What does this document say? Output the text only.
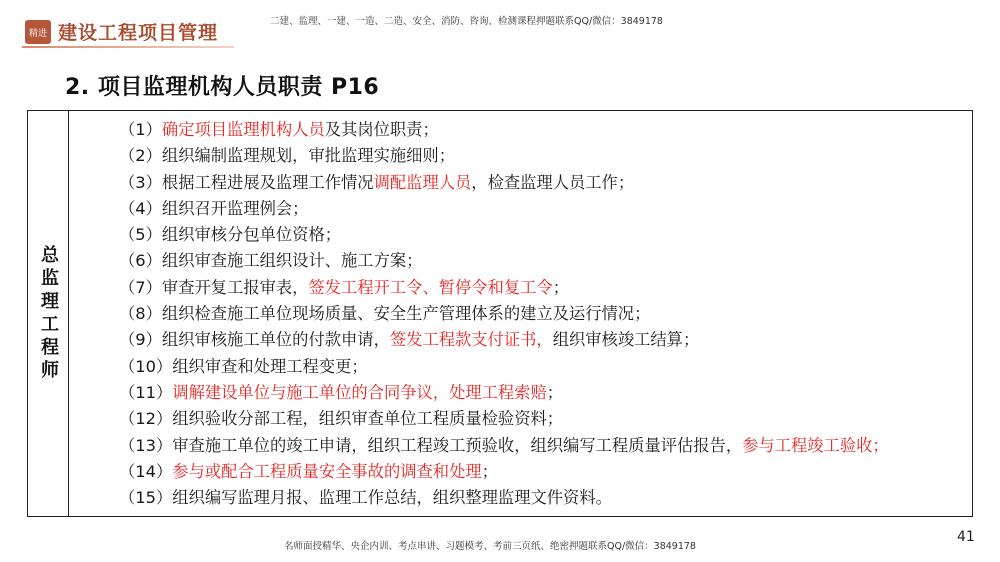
精进 建设工程项目管理
二建、监理、一建、一造、二造、安全、消防、咨询、检测课程押题联系QQ/微信：3849178
2. 项目监理机构人员职责 P16
总监理工程师
（1）确定项目监理机构人员及其岗位职责；
（2）组织编制监理规划，审批监理实施细则；
（3）根据工程进展及监理工作情况调配监理人员，检查监理人员工作；
（4）组织召开监理例会；
（5）组织审核分包单位资格；
（6）组织审查施工组织设计、施工方案；
（7）审查开复工报审表，签发工程开工令、暂停令和复工令；
（8）组织检查施工单位现场质量、安全生产管理体系的建立及运行情况；
（9）组织审核施工单位的付款申请，签发工程款支付证书，组织审核竣工结算；
（10）组织审查和处理工程变更；
（11）调解建设单位与施工单位的合同争议，处理工程索赔；
（12）组织验收分部工程，组织审查单位工程质量检验资料；
（13）审查施工单位的竣工申请，组织工程竣工预验收，组织编写工程质量评估报告，参与工程竣工验收；
（14）参与或配合工程质量安全事故的调查和处理；
（15）组织编写监理月报、监理工作总结，组织整理监理文件资料。
41
名师面授精华、央企内训、考点串讲、习题模考、考前三页纸、绝密押题联系QQ/微信：3849178
